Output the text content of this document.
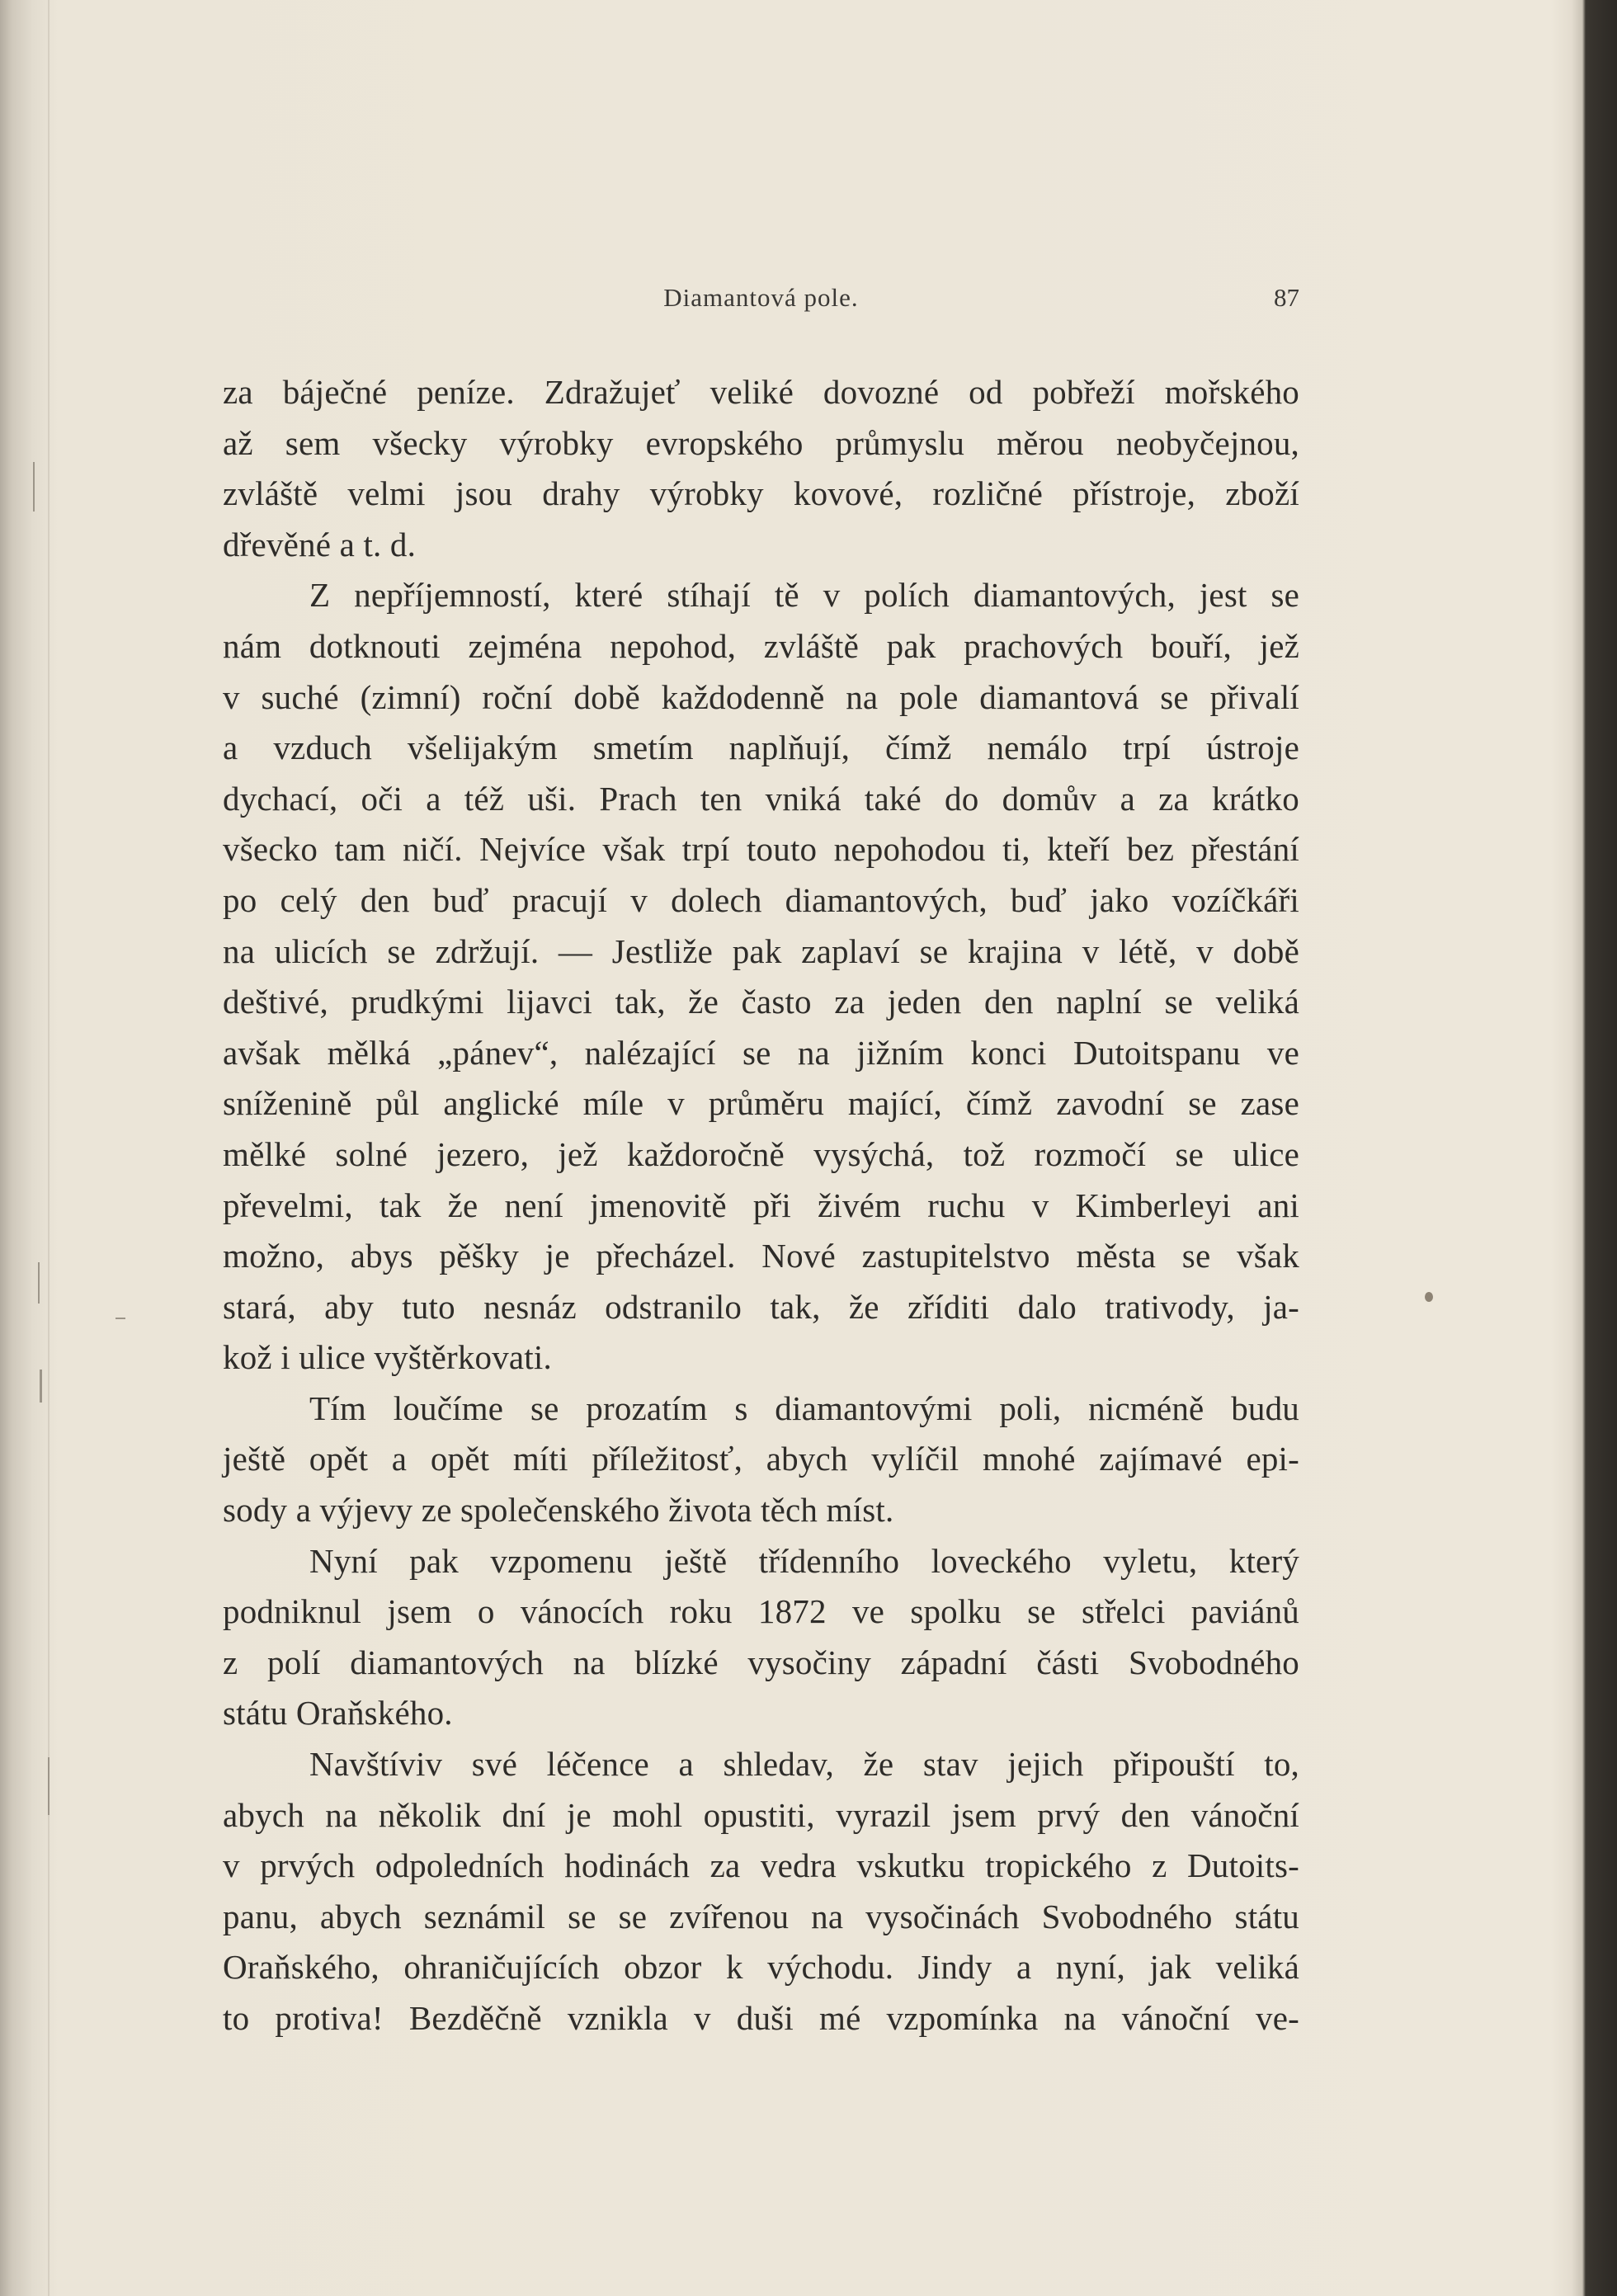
Diamantová pole.	87
za báječné peníze. Zdražujeť veliké dovozné od pobřeží mořského
až sem všecky výrobky evropského průmyslu měrou neobyčejnou,
zvláště velmi jsou drahy výrobky kovové, rozličné přístroje, zboží
dřevěné a t. d.
Z nepříjemností, které stíhají tě v polích diamantových, jest se
nám dotknouti zejména nepohod, zvláště pak prachových bouří, jež
v suché (zimní) roční době každodenně na pole diamantová se přivalí
a vzduch všelijakým smetím naplňují, čímž nemálo trpí ústroje
dychací, oči a též uši. Prach ten vniká také do domův a za krátko
všecko tam ničí. Nejvíce však trpí touto nepohodou ti, kteří bez přestání
po celý den buď pracují v dolech diamantových, buď jako vozíčkáři
na ulicích se zdržují. — Jestliže pak zaplaví se krajina v létě, v době
deštivé, prudkými lijavci tak, že často za jeden den naplní se veliká
avšak mělká „pánev“, nalézající se na jižním konci Dutoitspanu ve
sníženině půl anglické míle v průměru mající, čímž zavodní se zase
mělké solné jezero, jež každoročně vysýchá, tož rozmočí se ulice
převelmi, tak že není jmenovitě při živém ruchu v Kimberleyi ani
možno, abys pěšky je přecházel. Nové zastupitelstvo města se však
stará, aby tuto nesnáz odstranilo tak, že zříditi dalo trativody, ja-
kož i ulice vyštěrkovati.
Tím loučíme se prozatím s diamantovými poli, nicméně budu
ještě opět a opět míti příležitosť, abych vylíčil mnohé zajímavé epi-
sody a výjevy ze společenského života těch míst.
Nyní pak vzpomenu ještě třídenního loveckého vyletu, který
podniknul jsem o vánocích roku 1872 ve spolku se střelci paviánů
z polí diamantových na blízké vysočiny západní části Svobodného
státu Oraňského.
Navštíviv své léčence a shledav, že stav jejich připouští to,
abych na několik dní je mohl opustiti, vyrazil jsem prvý den vánoční
v prvých odpoledních hodinách za vedra vskutku tropického z Dutoits-
panu, abych seznámil se se zvířenou na vysočinách Svobodného státu
Oraňského, ohraničujících obzor k východu. Jindy a nyní, jak veliká
to protiva! Bezděčně vznikla v duši mé vzpomínka na vánoční ve-
